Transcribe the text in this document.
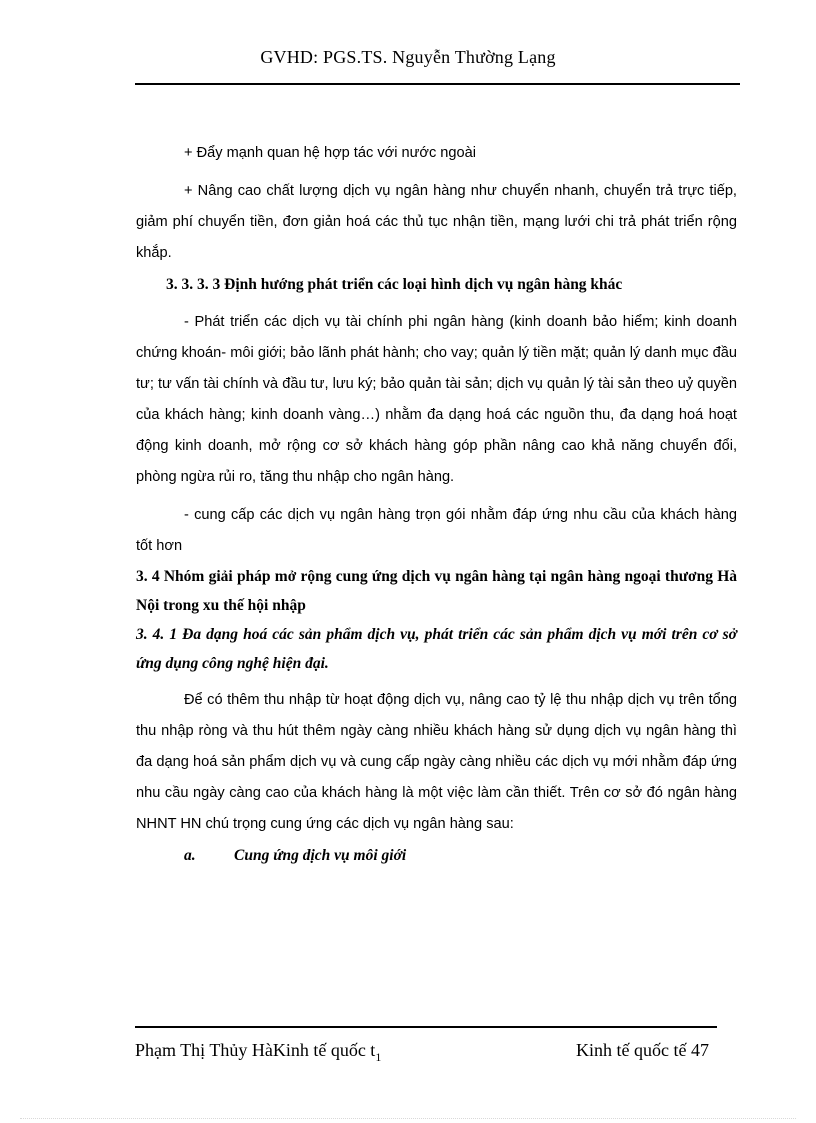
GVHD: PGS.TS. Nguyễn Thường Lạng

+ Đẩy mạnh quan hệ hợp tác với nước ngoài

+ Nâng cao chất lượng dịch vụ ngân hàng như chuyển nhanh, chuyển trả trực tiếp, giảm phí chuyển tiền, đơn giản hoá các thủ tục nhận tiền, mạng lưới chi trả phát triển rộng khắp.

3. 3. 3. 3 Định hướng phát triển các loại hình dịch vụ ngân hàng khác

- Phát triển các dịch vụ tài chính phi ngân hàng (kinh doanh bảo hiểm; kinh doanh chứng khoán- môi giới; bảo lãnh phát hành; cho vay; quản lý tiền mặt; quản lý danh mục đầu tư; tư vấn tài chính và đầu tư, lưu ký; bảo quản tài sản; dịch vụ quản lý tài sản theo uỷ quyền của khách hàng; kinh doanh vàng…) nhằm đa dạng hoá các nguồn thu, đa dạng hoá hoạt động kinh doanh, mở rộng cơ sở khách hàng góp phần nâng cao khả năng chuyển đổi, phòng ngừa rủi ro, tăng thu nhập cho ngân hàng.

- cung cấp các dịch vụ ngân hàng trọn gói nhằm đáp ứng nhu cầu của khách hàng tốt hơn

3. 4 Nhóm giải pháp mở rộng cung ứng dịch vụ ngân hàng tại ngân hàng ngoại thương Hà Nội trong xu thế hội nhập

3. 4. 1 Đa dạng hoá các sản phẩm dịch vụ, phát triển các sản phẩm dịch vụ mới trên cơ sở ứng dụng công nghệ hiện đại.

Để có thêm thu nhập từ hoạt động dịch vụ, nâng cao tỷ lệ thu nhập dịch vụ trên tổng thu nhập ròng và thu hút thêm ngày càng nhiều khách hàng sử dụng dịch vụ ngân hàng thì đa dạng hoá sản phẩm dịch vụ và cung cấp ngày càng nhiều các dịch vụ mới nhằm đáp ứng nhu cầu ngày càng cao của khách hàng là một việc làm cần thiết. Trên cơ sở đó ngân hàng NHNT HN chú trọng cung ứng các dịch vụ ngân hàng sau:

a. Cung ứng dịch vụ môi giới
Phạm Thị Thủy HàKinh tế quốc $t_1$	Kinh tế quốc tế 47
